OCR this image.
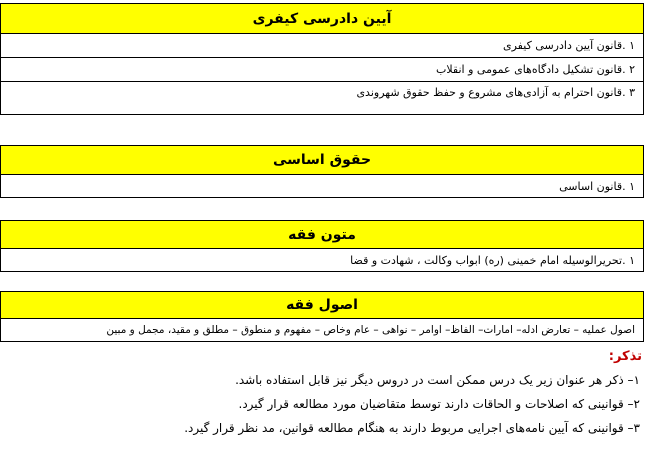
آیین دادرسی کیفری
۱ .قانون آیین دادرسی کیفری
۲ .قانون تشکیل دادگاه‌های عمومی و انقلاب
۳ .قانون احترام به آزادی‌های مشروع و حفظ حقوق شهروندی
حقوق اساسی
۱ .قانون اساسی
متون فقه
۱ .تحریرالوسیله امام خمینی (ره) ابواب وکالت ، شهادت و قضا
اصول فقه
اصول عملیه – تعارض ادله– امارات– الفاظ– اوامر – نواهی – عام وخاص – مفهوم و منطوق – مطلق و مقید، مجمل و مبین
تذکر:
۱– ذکر هر عنوان زیر یک درس ممکن است در دروس دیگر نیز قابل استفاده باشد.
۲– قوانینی که اصلاحات و الحاقات دارند توسط متقاضیان مورد مطالعه قرار گیرد.
۳– قوانینی که آیین نامه‌های اجرایی مربوط دارند به هنگام مطالعه قوانین، مد نظر قرار گیرد.
